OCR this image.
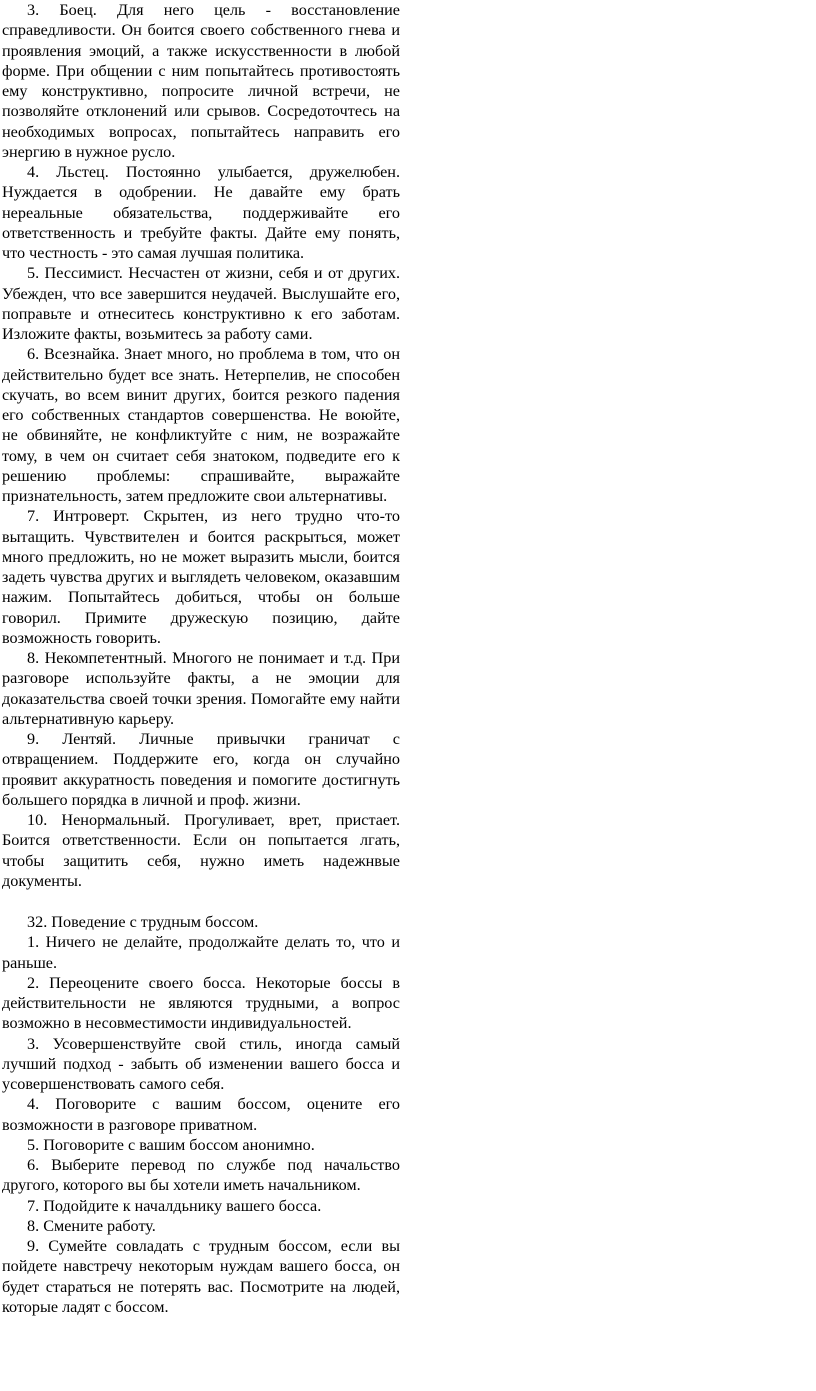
3. Боец. Для него цель - восстановление справедливости. Он боится своего собственного гнева и проявления эмоций, а также искусственности в любой форме. При общении с ним попытайтесь противостоять ему конструктивно, попросите личной встречи, не позволяйте отклонений или срывов. Сосредоточтесь на необходимых вопросах, попытайтесь направить его энергию в нужное русло.

4. Льстец. Постоянно улыбается, дружелюбен. Нуждается в одобрении. Не давайте ему брать нереальные обязательства, поддерживайте его ответственность и требуйте факты. Дайте ему понять, что честность - это самая лучшая политика.

5. Пессимист. Несчастен от жизни, себя и от других. Убежден, что все завершится неудачей. Выслушайте его, поправьте и отнеситесь конструктивно к его заботам. Изложите факты, возьмитесь за работу сами.

6. Всезнайка. Знает много, но проблема в том, что он действительно будет все знать. Нетерпелив, не способен скучать, во всем винит других, боится резкого падения его собственных стандартов совершенства. Не воюйте, не обвиняйте, не конфликтуйте с ним, не возражайте тому, в чем он считает себя знатоком, подведите его к решению проблемы: спрашивайте, выражайте признательность, затем предложите свои альтернативы.

7. Интроверт. Скрытен, из него трудно что-то вытащить. Чувствителен и боится раскрыться, может много предложить, но не может выразить мысли, боится задеть чувства других и выглядеть человеком, оказавшим нажим. Попытайтесь добиться, чтобы он больше говорил. Примите дружескую позицию, дайте возможность говорить.

8. Некомпетентный. Многого не понимает и т.д. При разговоре используйте факты, а не эмоции для доказательства своей точки зрения. Помогайте ему найти альтернативную карьеру.

9. Лентяй. Личные привычки граничат с отвращением. Поддержите его, когда он случайно проявит аккуратность поведения и помогите достигнуть большего порядка в личной и проф. жизни.

10. Ненормальный. Прогуливает, врет, пристает. Боится ответственности. Если он попытается лгать, чтобы защитить себя, нужно иметь надежнвые документы.

32. Поведение с трудным боссом.

1. Ничего не делайте, продолжайте делать то, что и раньше.

2. Переоцените своего босса. Некоторые боссы в действительности не являются трудными, а вопрос возможно в несовместимости индивидуальностей.

3. Усовершенствуйте свой стиль, иногда самый лучший подход - забыть об изменении вашего босса и усовершенствовать самого себя.

4. Поговорите с вашим боссом, оцените его возможности в разговоре приватном.

5. Поговорите с вашим боссом анонимно.

6. Выберите перевод по службе под начальство другого, которого вы бы хотели иметь начальником.

7. Подойдите к началдьнику вашего босса.

8. Смените работу.

9. Сумейте совладать с трудным боссом, если вы пойдете навстречу некоторым нуждам вашего босса, он будет стараться не потерять вас. Посмотрите на людей, которые ладят с боссом.
